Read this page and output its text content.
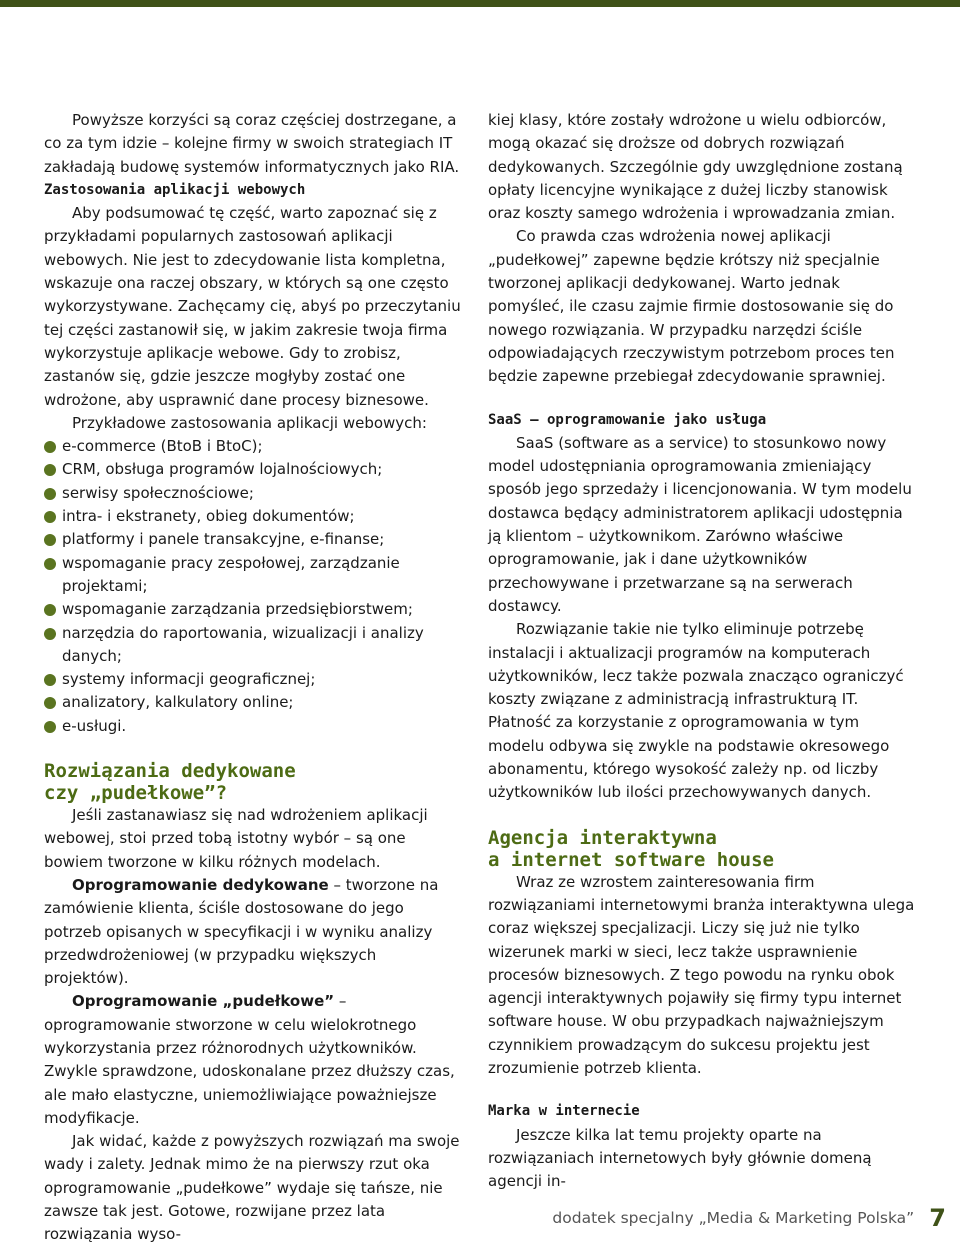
Powyższe korzyści są coraz częściej dostrzegane, a co za tym idzie – kolejne firmy w swoich strategiach IT zakładają budowę systemów informatycznych jako RIA.

Zastosowania aplikacji webowych

Aby podsumować tę część, warto zapoznać się z przykładami popularnych zastosowań aplikacji webowych. Nie jest to zdecydowanie lista kompletna, wskazuje ona raczej obszary, w których są one często wykorzystywane. Zachęcamy cię, abyś po przeczytaniu tej części zastanowił się, w jakim zakresie twoja firma wykorzystuje aplikacje webowe. Gdy to zrobisz, zastanów się, gdzie jeszcze mogłyby zostać one wdrożone, aby usprawnić dane procesy biznesowe.

Przykładowe zastosowania aplikacji webowych:

e-commerce (BtoB i BtoC);
CRM, obsługa programów lojalnościowych;
serwisy społecznościowe;
intra- i ekstranety, obieg dokumentów;
platformy i panele transakcyjne, e-finanse;
wspomaganie pracy zespołowej, zarządzanie projektami;
wspomaganie zarządzania przedsiębiorstwem;
narzędzia do raportowania, wizualizacji i analizy danych;
systemy informacji geograficznej;
analizatory, kalkulatory online;
e-usługi.
Rozwiązania dedykowane
czy „pudełkowe”?

Jeśli zastanawiasz się nad wdrożeniem aplikacji webowej, stoi przed tobą istotny wybór – są one bowiem tworzone w kilku różnych modelach.

Oprogramowanie dedykowane – tworzone na zamówienie klienta, ściśle dostosowane do jego potrzeb opisanych w specyfikacji i w wyniku analizy przedwdrożeniowej (w przypadku większych projektów).

Oprogramowanie „pudełkowe” – oprogramowanie stworzone w celu wielokrotnego wykorzystania przez różnorodnych użytkowników. Zwykle sprawdzone, udoskonalane przez dłuższy czas, ale mało elastyczne, uniemożliwiające poważniejsze modyfikacje.

Jak widać, każde z powyższych rozwiązań ma swoje wady i zalety. Jednak mimo że na pierwszy rzut oka oprogramowanie „pudełkowe” wydaje się tańsze, nie zawsze tak jest. Gotowe, rozwijane przez lata rozwiązania wyso-

kiej klasy, które zostały wdrożone u wielu odbiorców, mogą okazać się droższe od dobrych rozwiązań dedykowanych. Szczególnie gdy uwzględnione zostaną opłaty licencyjne wynikające z dużej liczby stanowisk oraz koszty samego wdrożenia i wprowadzania zmian.

Co prawda czas wdrożenia nowej aplikacji „pudełkowej” zapewne będzie krótszy niż specjalnie tworzonej aplikacji dedykowanej. Warto jednak pomyśleć, ile czasu zajmie firmie dostosowanie się do nowego rozwiązania. W przypadku narzędzi ściśle odpowiadających rzeczywistym potrzebom proces ten będzie zapewne przebiegał zdecydowanie sprawniej.

SaaS – oprogramowanie jako usługa

SaaS (software as a service) to stosunkowo nowy model udostępniania oprogramowania zmieniający sposób jego sprzedaży i licencjonowania. W tym modelu dostawca będący administratorem aplikacji udostępnia ją klientom – użytkownikom. Zarówno właściwe oprogramowanie, jak i dane użytkowników przechowywane i przetwarzane są na serwerach dostawcy.

Rozwiązanie takie nie tylko eliminuje potrzebę instalacji i aktualizacji programów na komputerach użytkowników, lecz także pozwala znacząco ograniczyć koszty związane z administracją infrastrukturą IT. Płatność za korzystanie z oprogramowania w tym modelu odbywa się zwykle na podstawie okresowego abonamentu, którego wysokość zależy np. od liczby użytkowników lub ilości przechowywanych danych.

Agencja interaktywna
a internet software house

Wraz ze wzrostem zainteresowania firm rozwiązaniami internetowymi branża interaktywna ulega coraz większej specjalizacji. Liczy się już nie tylko wizerunek marki w sieci, lecz także usprawnienie procesów biznesowych. Z tego powodu na rynku obok agencji interaktywnych pojawiły się firmy typu internet software house. W obu przypadkach najważniejszym czynnikiem prowadzącym do sukcesu projektu jest zrozumienie potrzeb klienta.

Marka w internecie

Jeszcze kilka lat temu projekty oparte na rozwiązaniach internetowych były głównie domeną agencji in-

dodatek specjalny „Media & Marketing Polska” 7
